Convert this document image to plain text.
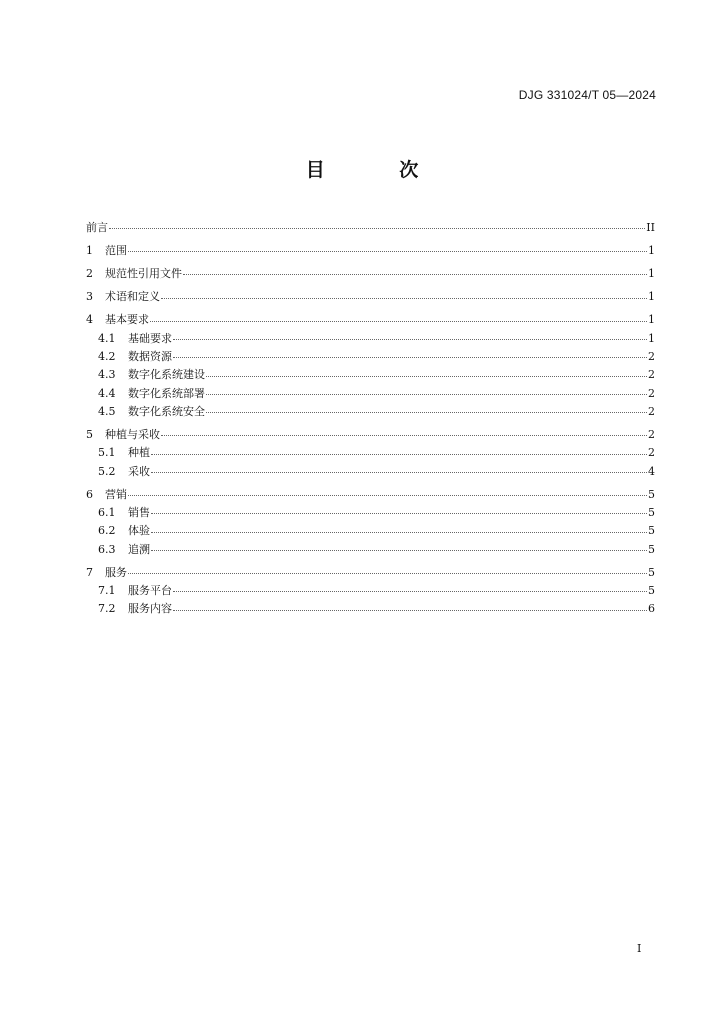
DJG 331024/T 05—2024
目 次
前言	II
1	范围	1
2	规范性引用文件	1
3	术语和定义	1
4	基本要求	1
4.1	基础要求	1
4.2	数据资源	2
4.3	数字化系统建设	2
4.4	数字化系统部署	2
4.5	数字化系统安全	2
5	种植与采收	2
5.1	种植	2
5.2	采收	4
6	营销	5
6.1	销售	5
6.2	体验	5
6.3	追溯	5
7	服务	5
7.1	服务平台	5
7.2	服务内容	6
I
